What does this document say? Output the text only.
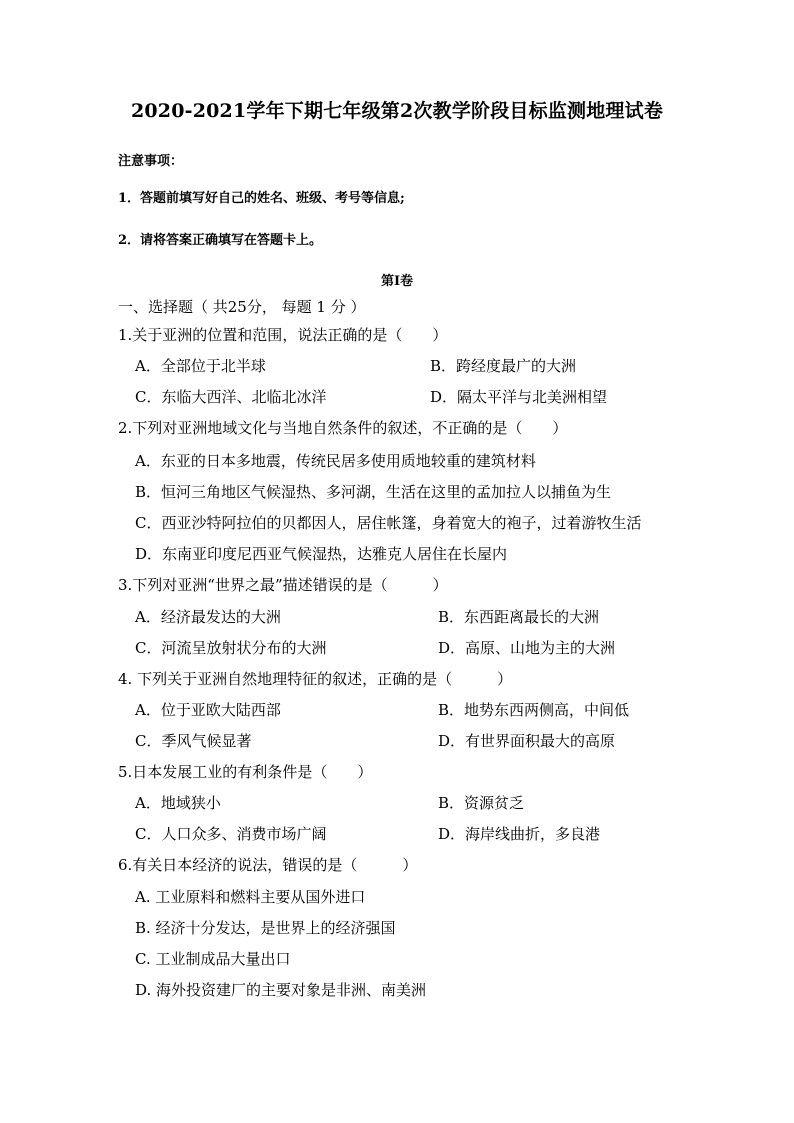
2020-2021学年下期七年级第2次教学阶段目标监测地理试卷
注意事项：
1．答题前填写好自己的姓名、班级、考号等信息;
2．请将答案正确填写在答题卡上。
第I卷
一、选择题（ 共25分， 每题 1 分 ）
1.关于亚洲的位置和范围，说法正确的是（　　）
A．全部位于北半球	B．跨经度最广的大洲
C．东临大西洋、北临北冰洋	D．隔太平洋与北美洲相望
2.下列对亚洲地域文化与当地自然条件的叙述，不正确的是（　　）
A．东亚的日本多地震，传统民居多使用质地较重的建筑材料
B．恒河三角地区气候湿热、多河湖，生活在这里的孟加拉人以捕鱼为生
C．西亚沙特阿拉伯的贝都因人，居住帐篷，身着宽大的袍子，过着游牧生活
D．东南亚印度尼西亚气候湿热，达雅克人居住在长屋内
3.下列对亚洲“世界之最”描述错误的是（　　　）
A．经济最发达的大洲	B．东西距离最长的大洲
C．河流呈放射状分布的大洲	D．高原、山地为主的大洲
4. 下列关于亚洲自然地理特征的叙述，正确的是（　　　）
A．位于亚欧大陆西部	B．地势东西两侧高，中间低
C．季风气候显著	D．有世界面积最大的高原
5.日本发展工业的有利条件是（　　）
A．地域狭小	B．资源贫乏
C．人口众多、消费市场广阔	D．海岸线曲折，多良港
6.有关日本经济的说法，错误的是（　　　）
A. 工业原料和燃料主要从国外进口
B. 经济十分发达，是世界上的经济强国
C. 工业制成品大量出口
D. 海外投资建厂的主要对象是非洲、南美洲
